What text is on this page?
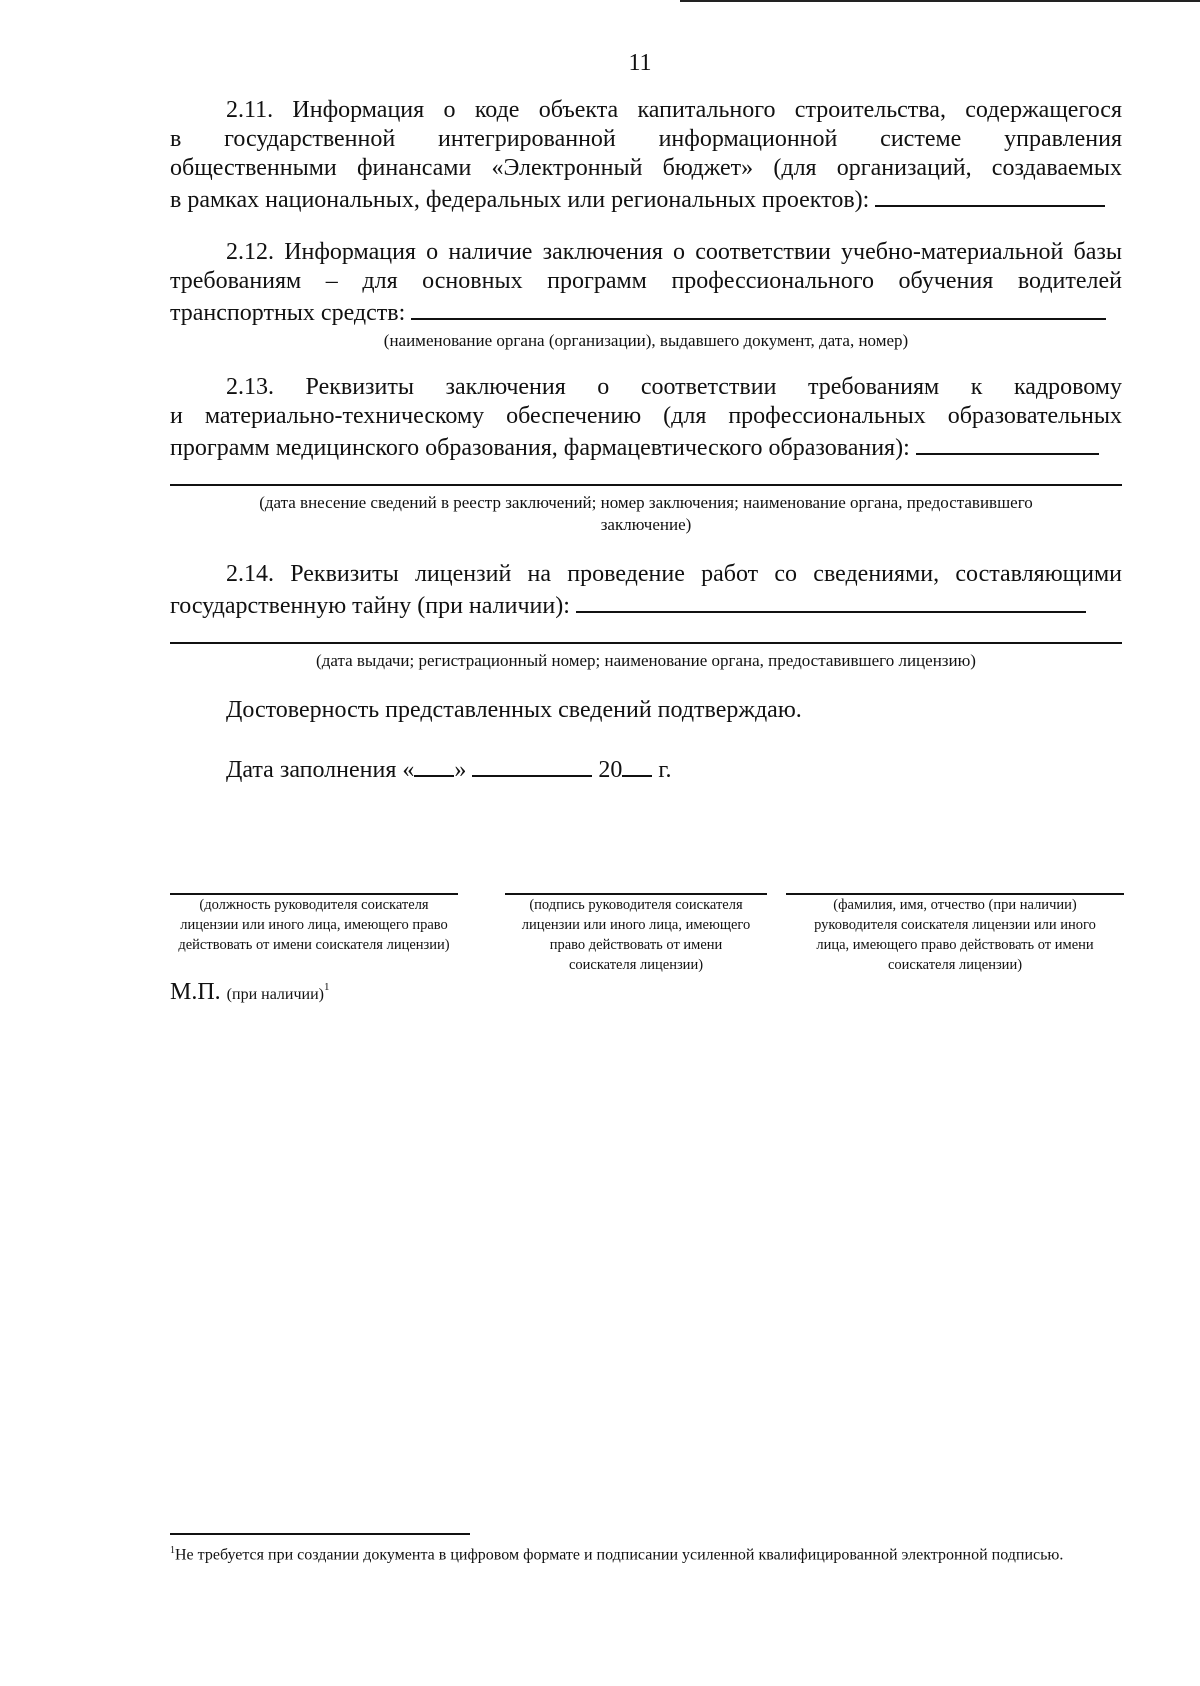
11
2.11. Информация о коде объекта капитального строительства, содержащегося
в государственной интегрированной информационной системе управления
общественными финансами «Электронный бюджет» (для организаций, создаваемых
в рамках национальных, федеральных или региональных проектов):
2.12. Информация о наличие заключения о соответствии учебно-материальной базы
требованиям – для основных программ профессионального обучения водителей
транспортных средств:
(наименование органа (организации), выдавшего документ, дата, номер)
2.13. Реквизиты заключения о соответствии требованиям к кадровому
и материально-техническому обеспечению (для профессиональных образовательных
программ медицинского образования, фармацевтического образования):
(дата внесение сведений в реестр заключений; номер заключения; наименование органа, предоставившего
заключение)
2.14. Реквизиты лицензий на проведение работ со сведениями, составляющими
государственную тайну (при наличии):
(дата выдачи; регистрационный номер; наименование органа, предоставившего лицензию)
Достоверность представленных сведений подтверждаю.
Дата заполнения « »	20 г.
(должность руководителя соискателя
лицензии или иного лица, имеющего право
действовать от имени соискателя лицензии)
(подпись руководителя соискателя
лицензии или иного лица, имеющего
право действовать от имени
соискателя лицензии)
(фамилия, имя, отчество (при наличии)
руководителя соискателя лицензии или иного
лица, имеющего право действовать от имени
соискателя лицензии)
М.П. (при наличии)$^1$
$^1$Не требуется при создании документа в цифровом формате и подписании усиленной квалифицированной электронной подписью.
